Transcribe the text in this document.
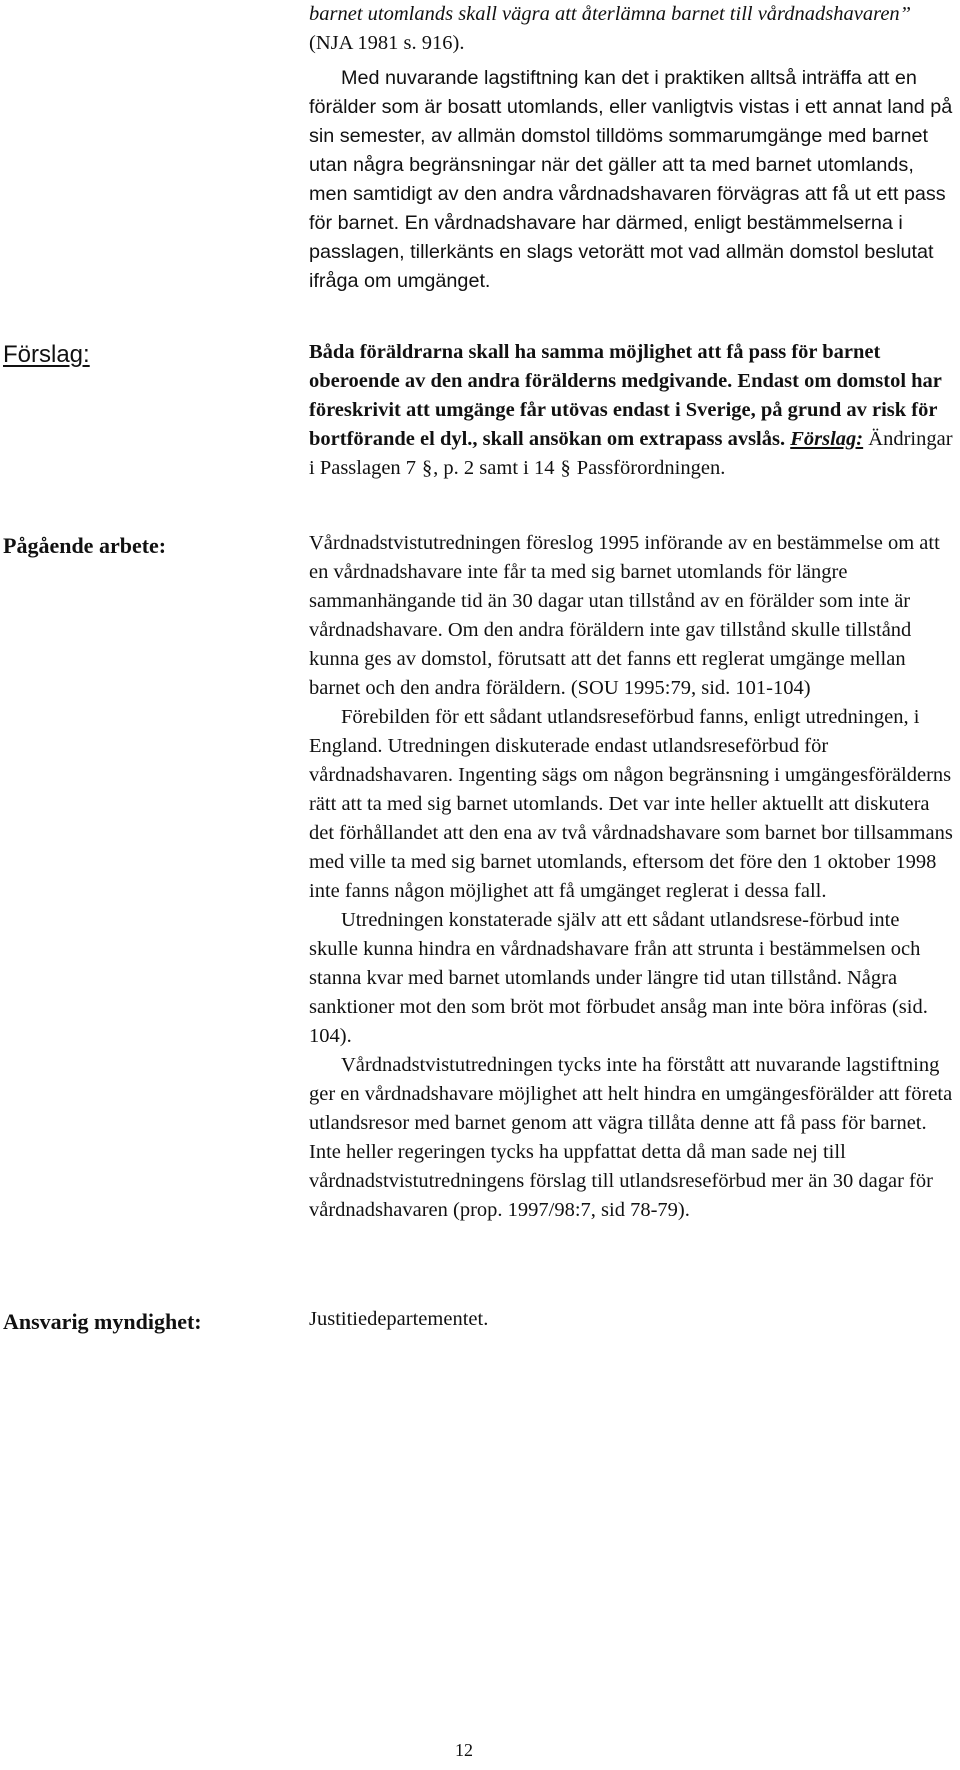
barnet utomlands skall vägra att återlämna barnet till vårdnadshavaren” (NJA 1981 s. 916).

Med nuvarande lagstiftning kan det i praktiken alltså inträffa att en förälder som är bosatt utomlands, eller vanligtvis vistas i ett annat land på sin semester, av allmän domstol tilldöms sommarumgänge med barnet utan några begränsningar när det gäller att ta med barnet utomlands, men samtidigt av den andra vårdnadshavaren förvägras att få ut ett pass för barnet. En vårdnadshavare har därmed, enligt bestämmelserna i passlagen, tillerkänts en slags vetorätt mot vad allmän domstol beslutat ifråga om umgänget.

Förslag:	Båda föräldrarna skall ha samma möjlighet att få pass för barnet oberoende av den andra förälderns medgivande. Endast om domstol har föreskrivit att umgänge får utövas endast i Sverige, på grund av risk för bortförande el dyl., skall ansökan om extrapass avslås. Förslag: Ändringar i Passlagen 7 §, p. 2 samt i 14 § Passförordningen.

Pågående arbete:	Vårdnadstvistutredningen föreslog 1995 införande av en bestämmelse om att en vårdnadshavare inte får ta med sig barnet utomlands för längre sammanhängande tid än 30 dagar utan tillstånd av en förälder som inte är vårdnadshavare. Om den andra föräldern inte gav tillstånd skulle tillstånd kunna ges av domstol, förutsatt att det fanns ett reglerat umgänge mellan barnet och den andra föräldern. (SOU 1995:79, sid. 101-104)

Förebilden för ett sådant utlandsreseförbud fanns, enligt utredningen, i England. Utredningen diskuterade endast utlandsreseförbud för vårdnadshavaren. Ingenting sägs om någon begränsning i umgängesförälderns rätt att ta med sig barnet utomlands. Det var inte heller aktuellt att diskutera det förhållandet att den ena av två vårdnadshavare som barnet bor tillsammans med ville ta med sig barnet utomlands, eftersom det före den 1 oktober 1998 inte fanns någon möjlighet att få umgänget reglerat i dessa fall.

Utredningen konstaterade själv att ett sådant utlandsrese-förbud inte skulle kunna hindra en vårdnadshavare från att strunta i bestämmelsen och stanna kvar med barnet utomlands under längre tid utan tillstånd. Några sanktioner mot den som bröt mot förbudet ansåg man inte böra införas (sid. 104).

Vårdnadstvistutredningen tycks inte ha förstått att nuvarande lagstiftning ger en vårdnadshavare möjlighet att helt hindra en umgängesförälder att företa utlandsresor med barnet genom att vägra tillåta denne att få pass för barnet. Inte heller regeringen tycks ha uppfattat detta då man sade nej till vårdnadstvistutredningens förslag till utlandsreseförbud mer än 30 dagar för vårdnadshavaren (prop. 1997/98:7, sid 78-79).

Ansvarig myndighet:	Justitiedepartementet.

12
